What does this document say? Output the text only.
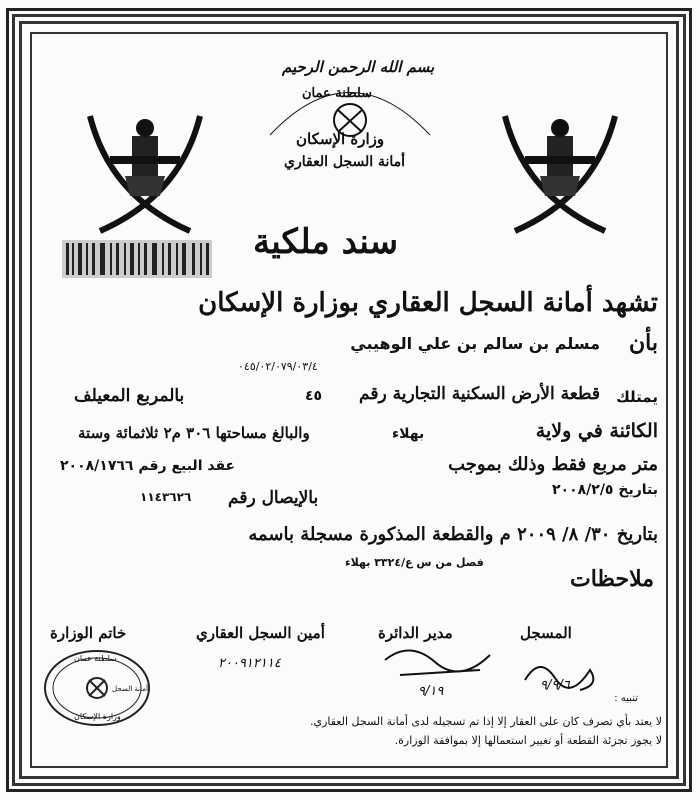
بسم الله الرحمن الرحيم
سلطنة عمان
وزارة الإسكان
أمانة السجل العقاري
سند ملكية
تشهد أمانة السجل العقاري بوزارة الإسكان
بأن
مسلم بن سالم بن علي الوهيبي
٠٤٥/٠٢/٠٧٩/٠٣/٤
يمتلك
قطعة الأرض السكنية التجارية رقم
٤٥
بالمربع المعيلف
الكائنة في ولاية
بهلاء
والبالغ مساحتها ٣٠٦ م٢ ثلاثمائة وستة
متر مربع فقط وذلك بموجب
عقد البيع رقم ٢٠٠٨/١٧٦٦
بتاريخ ٢٠٠٨/٢/٥
بالإيصال رقم
١١٤٣٦٢٦
بتاريخ ٣٠/ ٨/ ٢٠٠٩ م والقطعة المذكورة مسجلة باسمه
فصل من س ع/٣٣٢٤ بهلاء
ملاحظات
المسجل
مدير الدائرة
أمين السجل العقاري
خاتم الوزارة
٩/٩/٦
٩/١٩
٢٠٠٩١٢١١٤
سلطنة عمان
أمانة السجل
وزارة الإسكان
تنبيه :
لا يعتد بأي تصرف كان على العقار إلا إذا تم تسجيله لدى أمانة السجل العقاري.
لا يجوز تجزئة القطعة أو تغيير استعمالها إلا بموافقة الوزارة.
